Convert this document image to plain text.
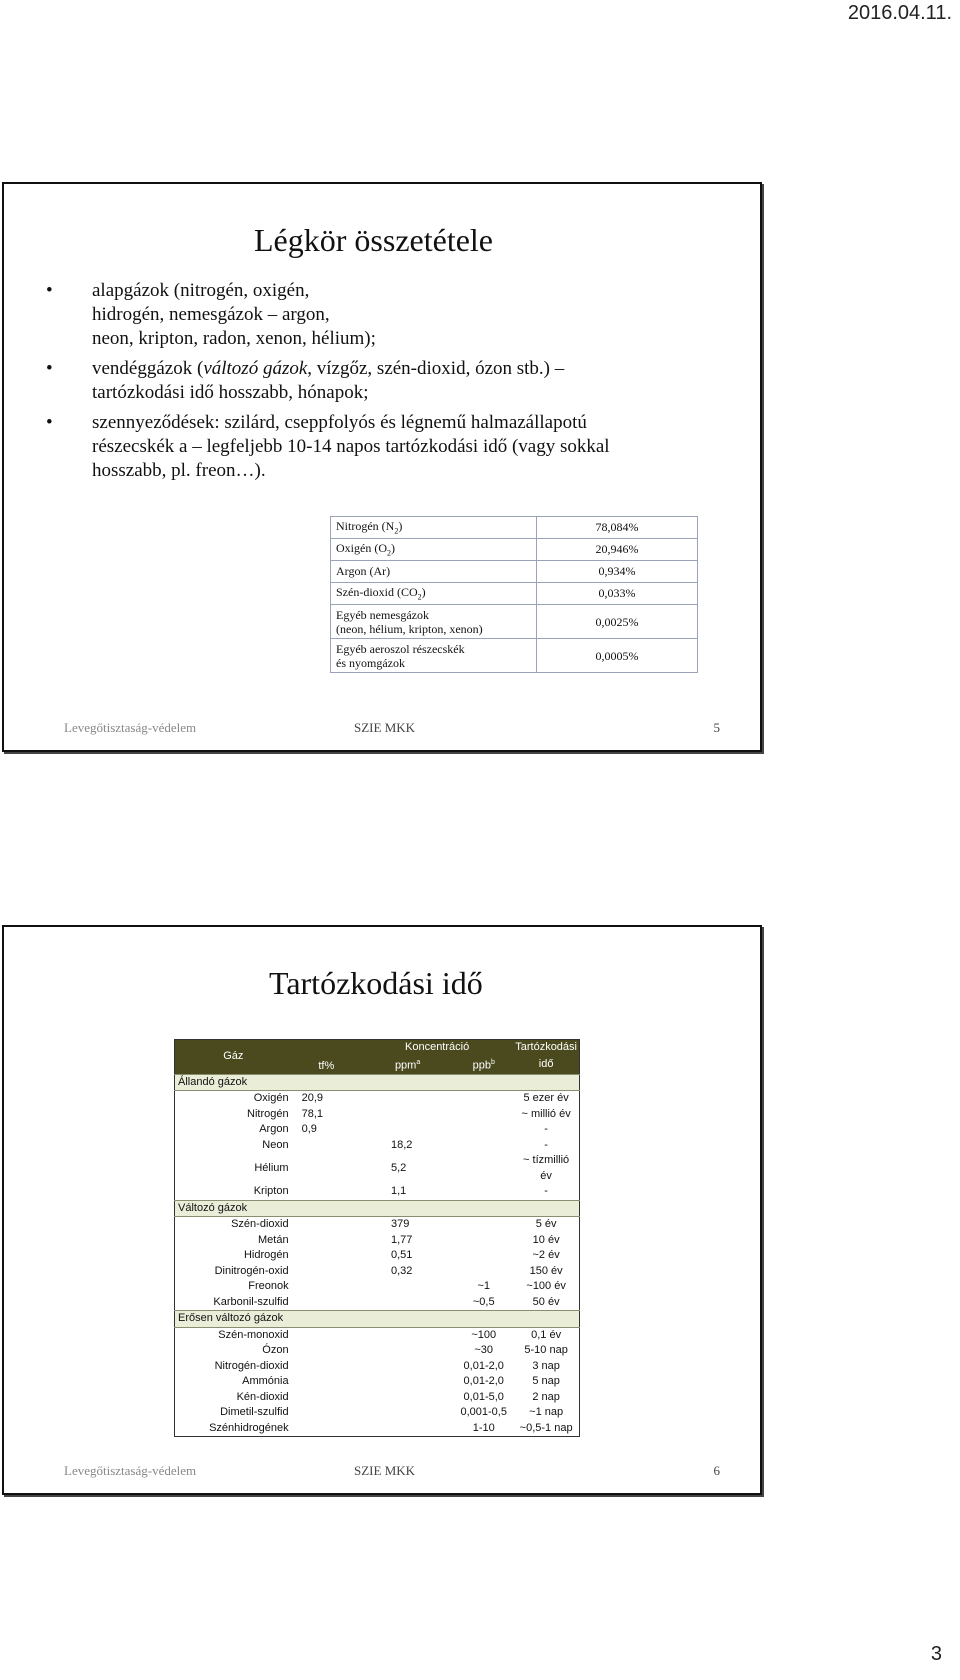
2016.04.11.
Légkör összetétele
• alapgázok (nitrogén, oxigén,
hidrogén, nemesgázok – argon,
neon, kripton, radon, xenon, hélium);
• vendéggázok (változó gázok, vízgőz, szén-dioxid, ózon stb.) –
tartózkodási idő hosszabb, hónapok;
• szennyeződések: szilárd, cseppfolyós és légnemű halmazállapotú
részecskék a – legfeljebb 10-14 napos tartózkodási idő (vagy sokkal
hosszabb, pl. freon…).
Nitrogén $(N_2)$	78,084%
Oxigén $(O_2)$	20,946%
Argon (Ar)	0,934%
Szén-dioxid $(CO_2)$	0,033%
Egyéb nemesgázok
(neon, hélium, kripton, xenon)	0,0025%
Egyéb aeroszol részecskék
és nyomgázok	0,0005%
Levegőtisztaság-védelem	SZIE MKK	5
Tartózkodási idő
Gáz	tf%	Koncentráció		Tartózkodási
		ppm$^a$	ppb$^b$	idő
Állandó gázok				
Oxigén	20,9			5 ezer év
Nitrogén	78,1			~ millió év
Argon	0,9			-
Neon		18,2		-
Hélium		5,2		~ tízmillió év
Kripton		1,1		-
Változó gázok				
Szén-dioxid		379		5 év
Metán		1,77		10 év
Hidrogén		0,51		~2 év
Dinitrogén-oxid		0,32		150 év
Freonok			~1	~100 év
Karbonil-szulfid			~0,5	50 év
Erősen változó gázok				
Szén-monoxid			~100	0,1 év
Ózon			~30	5-10 nap
Nitrogén-dioxid			0,01-2,0	3 nap
Ammónia			0,01-2,0	5 nap
Kén-dioxid			0,01-5,0	2 nap
Dimetil-szulfid			0,001-0,5	~1 nap
Szénhidrogének			1-10	~0,5-1 nap
Levegőtisztaság-védelem	SZIE MKK	6
3
